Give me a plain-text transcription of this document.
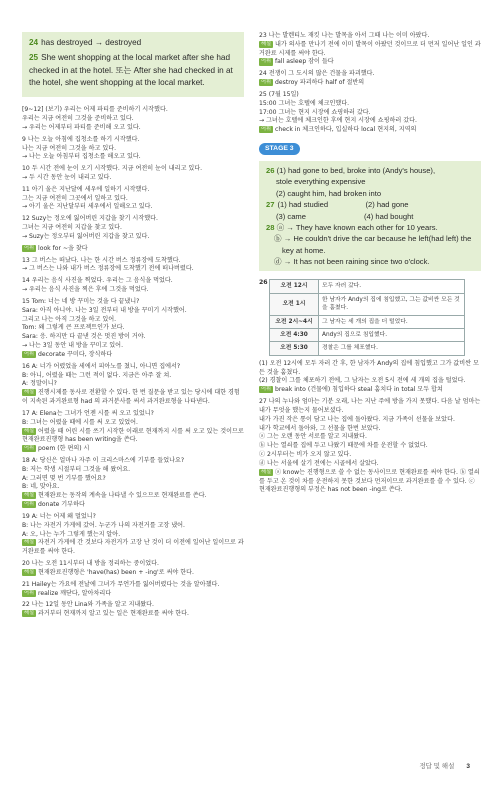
24 has destroyed → destroyed
25 She went shopping at the local market after she had checked in at the hotel. 또는 After she had checked in at the hotel, she went shopping at the local market.

[9~12] (보기) 우리는 어제 파티를 준비하기 시작했다.

우리는 지금 여전히 그것을 준비하고 있다.

→ 우리는 어제부터 파티를 준비해 오고 있다.

9 나는 오늘 아침에 집청소를 하기 시작했다.

나는 지금 여전히 그것을 하고 있다.

→ 나는 오늘 아침부터 집청소를 해오고 있다.

10 두 시간 전에 눈이 오기 시작했다. 지금 여전히 눈이 내리고 있다.

→ 두 시간 동안 눈이 내리고 있다.

11 아기 울은 지난달에 세우에 일하기 시작했다.

그는 지금 여전히 그곳에서 일하고 있다.

→ 아기 울은 지난달부터 세우에서 일해오고 있다.

12 Suzy는 정오에 잃어버린 지갑을 찾기 시작했다.

그녀는 지금 여전히 지갑을 찾고 있다.

→ Suzy는 정오부터 잃어버린 지갑을 찾고 있다.

어휘 look for ~을 찾다

13 그 버스는 떠났다. 나는 한 시간 버스 정류장에 도착했다.

→ 그 버스는 나와 내가 버스 정류장에 도착했기 전에 떠나버렸다.

14 우리는 음식 사진을 찍었다. 우리는 그 음식을 먹었다.

→ 우리는 음식 사진을 찍은 후에 그것을 먹었다.

15 Tom: 너는 네 방 꾸미는 것을 다 끝냈니?

Sara: 아직 아니야. 나는 3일 전부터 내 방을 꾸미기 시작했어.

그리고 나는 아직 그것을 하고 있어.

Tom: 왜 그렇게 큰 프로젝트인가 보다.

Sara: 응. 하지만 다 끝낸 것은 멋진 방이 거야.

→ 나는 3일 동안 내 방을 꾸미고 있어.

어휘 decorate 꾸미다, 장식하다

16 A: 너가 어렸었을 세에서 피아노를 쳤니, 아니면 집에서?

B: 아니, 어렸을 때는 그런 적이 없다. 지금은 아주 잘 쳐.

A: 정말이니?

해설 진행시제를 동사로 전환할 수 있다. 한 번 질문을 받고 있는 당시에 대한 경험이 지속된 과거완료형 had 의 과거분사를 써서 과거완료형을 나타낸다.

17 A: Elena는 그녀가 언젠 시를 써 오고 있었니?

B: 그녀는 어렸을 때에 시를 써 오고 있었어.

해설 어렸을 때 어린 시를 쓰기 시작한 이래로 현재까지 시를 써 오고 있는 것이므로 현재완료진행형 has been writing을 쓴다.

어휘 poem (한 편의) 시

18 A: 당신은 얼마나 자주 이 크리스마스에 기부를 들었나요?

B: 저는 학생 시절부터 그것을 해 왔어요.

A: 그러면 몇 번 기부를 했어요?

B: 네, 맞아요.

해설 현재완료는 동작의 계속을 나타낼 수 있으므로 현재완료를 쓴다.

어휘 donate 기부하다

19 A: 너는 어제 왜 멀었니?

B: 나는 자전거 가게에 갔어. 누군가 나의 자전거를 고장 냈어.

A: 오, 나는 누가 그렇게 했는지 알아.

해설 자전거 가게에 간 것보다 자전거가 고장 난 것이 더 이전에 일어난 일이므로 과거완료를 써야 한다.

20 나는 오전 11시부터 내 방을 정리하는 중이었다.

해설 현재완료진행형은 'have(has) been + -ing'로 써야 한다.

21 Hailey는 가요에 전날에 그녀가 무언가를 잃어버렸다는 것을 알아챘다.

어휘 realize 깨닫다, 알아차리다

22 나는 12일 동안 Lina와 가족을 알고 지내왔다.

해설 과거부터 현재까지 알고 있는 일은 현재완료를 써야 한다.

23 나는 발렌티노 재킷 나는 발목을 아서 그때 나는 이미 아팠다.

해설 내가 의사를 만나기 전에 이미 발목이 아팠던 것이므로 더 먼저 일어난 일인 과거완료 시제를 써야 한다.

어휘 fall asleep 잠이 들다

24 전쟁이 그 도시의 많은 건물을 파괴했다.

어휘 destroy 파괴하다 half of 절반의

25 (7월 15일)

15:00 그녀는 호텔에 체크인했다.

17:00 그녀는 현지 시장에 쇼핑하러 갔다.

→ 그녀는 호텔에 체크인한 후에 현지 시장에 쇼핑하러 갔다.

어휘 check in 체크인하다, 입실하다 local 현지의, 지역의

STAGE 3
26 (1) had gone to bed, broke into (Andy's house),
stole everything expensive
(2) caught him, had broken into
27 (1) had studied	(2) had gone
(3) came	(4) had bought
28 ⓐ → They have known each other for 10 years.
ⓑ → He couldn't drive the car because he left(had left) the key at home.
ⓓ → It has not been raining since two o'clock.
26 오전 12시	모두 자러 갔다.
오전 1시	한 남자가 Andy의 집에 침입했고, 그는 값비싼 모든 것을 훔쳤다.
오전 2시~4시	그 남자는 세 개의 집을 더 털었다.
오전 4:30	Andy의 집으로 침입했다.
오전 5:30	경찰은 그를 체포했다.

(1) 오전 12시에 모두 자러 간 후, 한 남자가 Andy의 집에 침입했고 그가 값비싼 모든 것을 훔쳤다.

(2) 경찰이 그를 체포하기 전에, 그 남자는 오전 5시 전에 세 개의 집을 털었다.

어휘 break into (건물에) 침입하다 steal 훔치다 in total 모두 합쳐

27 나의 누나와 엄마는 기분 오래, 나는 지난 주에 방을 가지 못했다. 다음 날 엄마는 내가 무엇을 했는지 물어보셨다.

내가 가진 작은 통이 담고 나는 집에 돌아왔다. 지금 가족이 선물을 보았다.

내가 학교에서 돌아와, 그 선물을 한번 보았다.

ⓐ 그는 오랜 동안 서로를 알고 지내왔다.

ⓑ 나는 열쇠를 집에 두고 나왔기 때문에 차를 운전할 수 없었다.

ⓒ 2시부터는 비가 오지 않고 있다.

ⓓ 나는 서울에 살기 전에는 시골에서 살았다.

해설 ⓐ know는 진행형으로 쓸 수 없는 동사이므로 현재완료를 써야 한다. ⓑ 열쇠를 두고 온 것이 차를 운전하지 못한 것보다 먼저이므로 과거완료를 쓸 수 있다. ⓒ 현재완료진행형의 부정은 has not been -ing로 쓴다.

정답 및 해설 3
